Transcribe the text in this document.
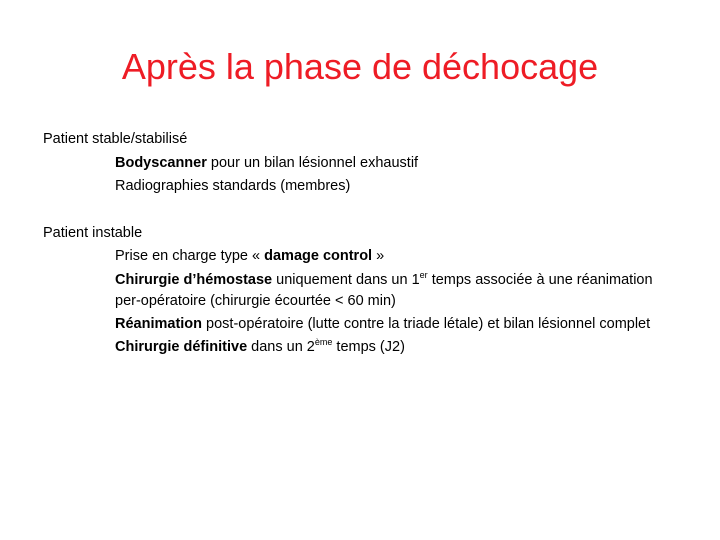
Après la phase de déchocage

Patient stable/stabilisé

Bodyscanner pour un bilan lésionnel exhaustif

Radiographies standards (membres)

Patient instable

Prise en charge type « damage control »

Chirurgie d’hémostase uniquement dans un 1er temps associée à une réanimation per-opératoire (chirurgie écourtée < 60 min)

Réanimation post-opératoire (lutte contre la triade létale) et bilan lésionnel complet

Chirurgie définitive dans un 2ème temps (J2)
